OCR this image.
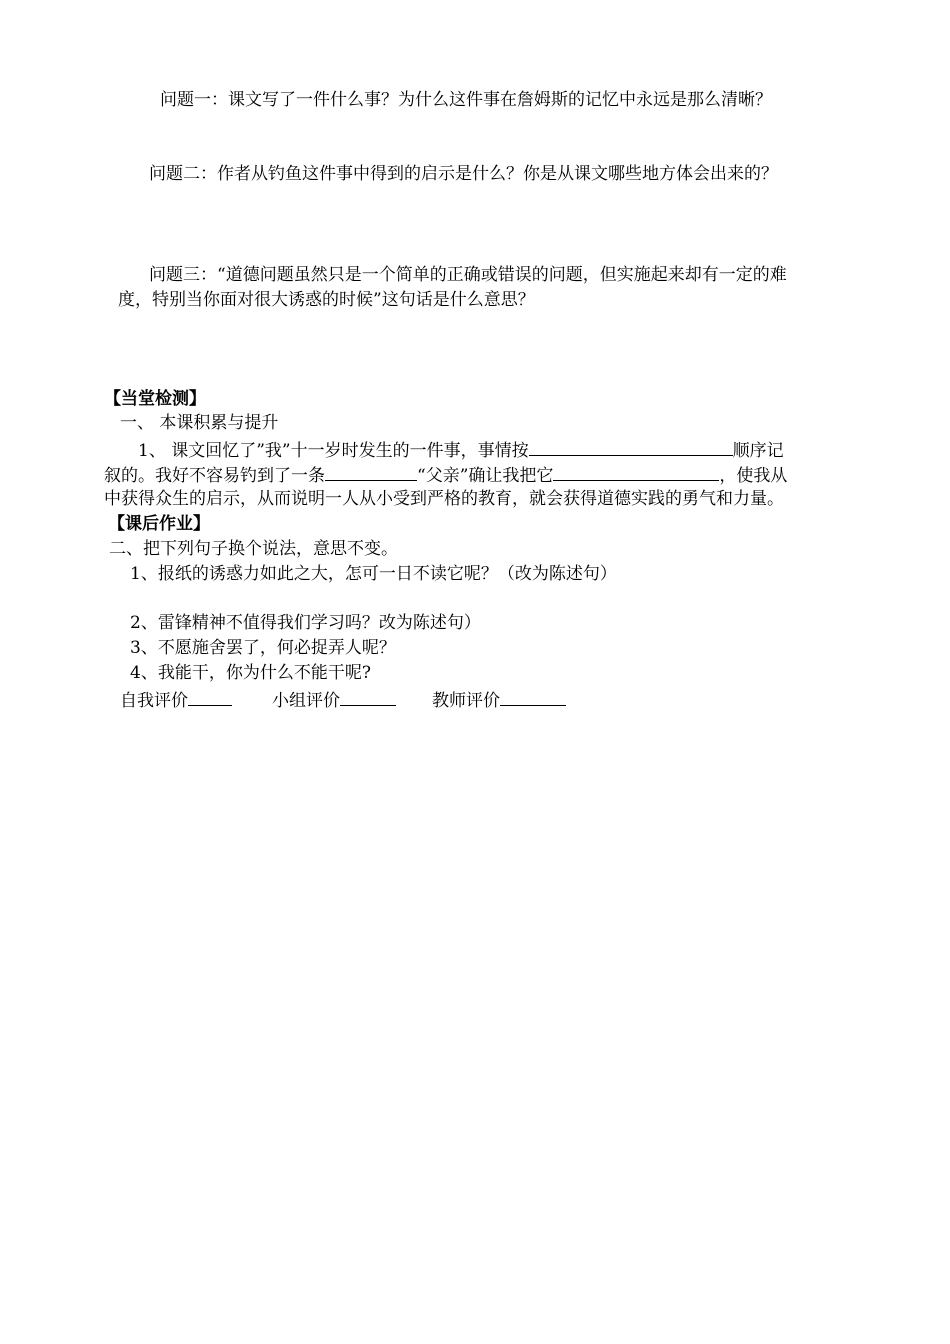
问题一：课文写了一件什么事？为什么这件事在詹姆斯的记忆中永远是那么清晰？
问题二：作者从钓鱼这件事中得到的启示是什么？你是从课文哪些地方体会出来的？
问题三：“道德问题虽然只是一个简单的正确或错误的问题，但实施起来却有一定的难
度，特别当你面对很大诱惑的时候”这句话是什么意思？
【当堂检测】
一、 本课积累与提升
1、 课文回忆了”我”十一岁时发生的一件事，事情按	顺序记
叙的。我好不容易钓到了一条	“父亲”确让我把它	，使我从
中获得众生的启示，从而说明一人从小受到严格的教育，就会获得道德实践的勇气和力量。
【课后作业】
二、把下列句子换个说法，意思不变。
1、报纸的诱惑力如此之大，怎可一日不读它呢？（改为陈述句）
2、雷锋精神不值得我们学习吗？改为陈述句）
3、不愿施舍罢了，何必捉弄人呢？
4、我能干，你为什么不能干呢?
自我评价	小组评价	教师评价
